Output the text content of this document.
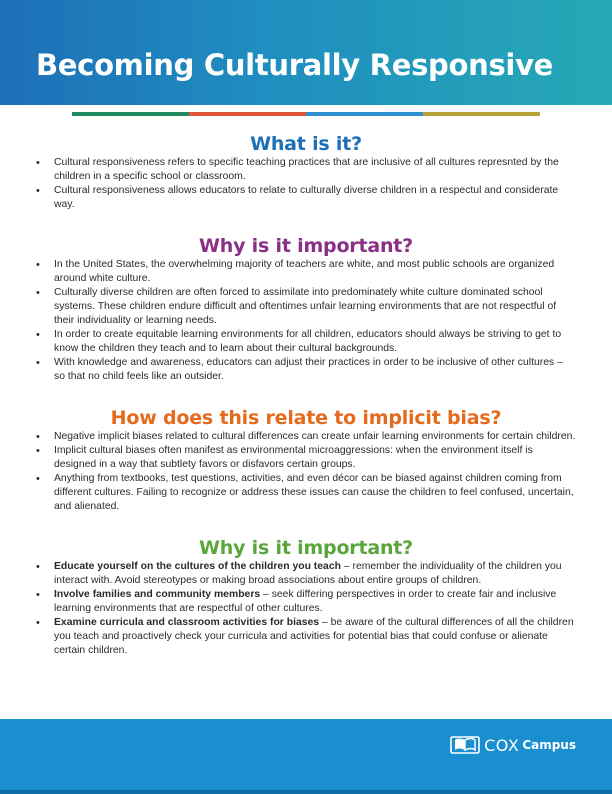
Becoming Culturally Responsive
What is it?
• Cultural responsiveness refers to specific teaching practices that are inclusive of all cultures represnted by the children in a specific school or classroom.
• Cultural responsiveness allows educators to relate to culturally diverse children in a respectul and considerate way.
Why is it important?
• In the United States, the overwhelming majority of teachers are white, and most public schools are organized around white culture.
• Culturally diverse children are often forced to assimilate into predominately white culture dominated school systems. These children endure difficult and oftentimes unfair learning environments that are not respectful of their individuality or learning needs.
• In order to create equitable learning environments for all children, educators should always be striving to get to know the children they teach and to learn about their cultural backgrounds.
• With knowledge and awareness, educators can adjust their practices in order to be inclusive of other cultures – so that no child feels like an outsider.
How does this relate to implicit bias?
• Negative implicit biases related to cultural differences can create unfair learning environments for certain children.
• Implicit cultural biases often manifest as environmental microaggressions: when the environment itself is designed in a way that subtlety favors or disfavors certain groups.
• Anything from textbooks, test questions, activities, and even décor can be biased against children coming from different cultures. Failing to recognize or address these issues can cause the children to feel confused, uncertain, and alienated.
Why is it important?
• Educate yourself on the cultures of the children you teach – remember the individuality of the children you interact with. Avoid stereotypes or making broad associations about entire groups of children.
• Involve families and community members – seek differing perspectives in order to create fair and inclusive learning environments that are respectful of other cultures.
• Examine curricula and classroom activities for biases – be aware of the cultural differences of all the children you teach and proactively check your curricula and activities for potential bias that could confuse or alienate certain children.
COX Campus
